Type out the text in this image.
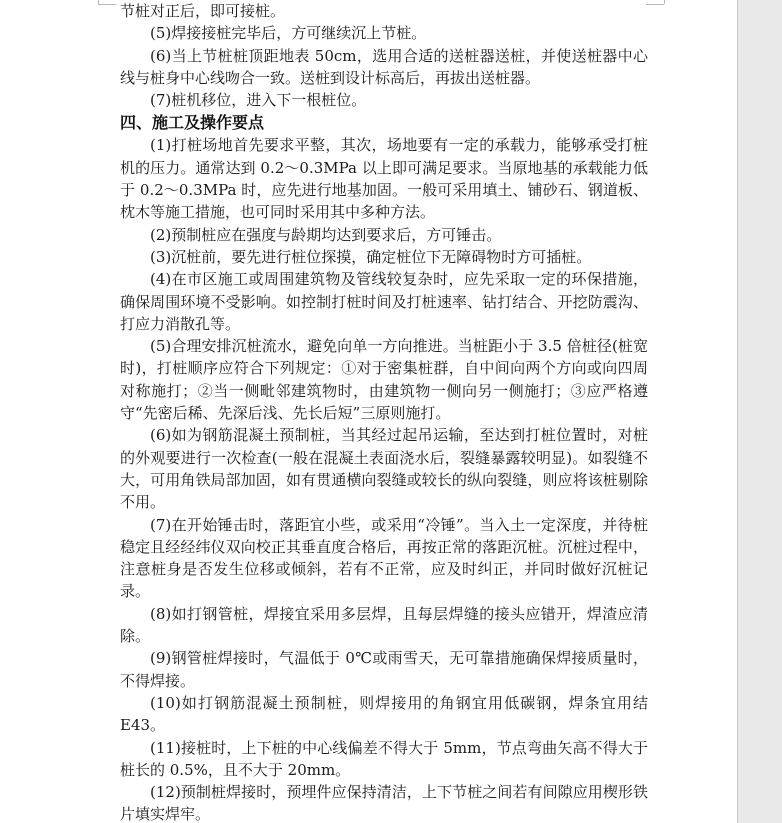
节桩对正后，即可接桩。

(5)焊接接桩完毕后，方可继续沉上节桩。

(6)当上节桩桩顶距地表 50cm，选用合适的送桩器送桩，并使送桩器中心线与桩身中心线吻合一致。送桩到设计标高后，再拔出送桩器。

(7)桩机移位，进入下一根桩位。

四、施工及操作要点

(1)打桩场地首先要求平整，其次，场地要有一定的承载力，能够承受打桩机的压力。通常达到 0.2～0.3MPa 以上即可满足要求。当原地基的承载能力低于 0.2～0.3MPa 时，应先进行地基加固。一般可采用填土、铺砂石、钢道板、枕木等施工措施，也可同时采用其中多种方法。

(2)预制桩应在强度与龄期均达到要求后，方可锤击。

(3)沉桩前，要先进行桩位探摸，确定桩位下无障碍物时方可插桩。

(4)在市区施工或周围建筑物及管线较复杂时，应先采取一定的环保措施，确保周围环境不受影响。如控制打桩时间及打桩速率、钻打结合、开挖防震沟、打应力消散孔等。

(5)合理安排沉桩流水，避免向单一方向推进。当桩距小于 3.5 倍桩径(桩宽时)，打桩顺序应符合下列规定：①对于密集桩群，自中间向两个方向或向四周对称施打；②当一侧毗邻建筑物时，由建筑物一侧向另一侧施打；③应严格遵守“先密后稀、先深后浅、先长后短”三原则施打。

(6)如为钢筋混凝土预制桩，当其经过起吊运输，至达到打桩位置时，对桩的外观要进行一次检查(一般在混凝土表面浇水后，裂缝暴露较明显)。如裂缝不大，可用角铁局部加固，如有贯通横向裂缝或较长的纵向裂缝，则应将该桩剔除不用。

(7)在开始锤击时，落距宜小些，或采用“冷锤”。当入土一定深度，并待桩稳定且经经纬仪双向校正其垂直度合格后，再按正常的落距沉桩。沉桩过程中，注意桩身是否发生位移或倾斜，若有不正常，应及时纠正，并同时做好沉桩记录。

(8)如打钢管桩，焊接宜采用多层焊，且每层焊缝的接头应错开，焊渣应清除。

(9)钢管桩焊接时，气温低于 0℃或雨雪天，无可靠措施确保焊接质量时，不得焊接。

(10)如打钢筋混凝土预制桩，则焊接用的角钢宜用低碳钢，焊条宜用结 E43。

(11)接桩时，上下桩的中心线偏差不得大于 5mm，节点弯曲矢高不得大于桩长的 0.5%，且不大于 20mm。

(12)预制桩焊接时，预埋件应保持清洁，上下节桩之间若有间隙应用楔形铁片填实焊牢。
